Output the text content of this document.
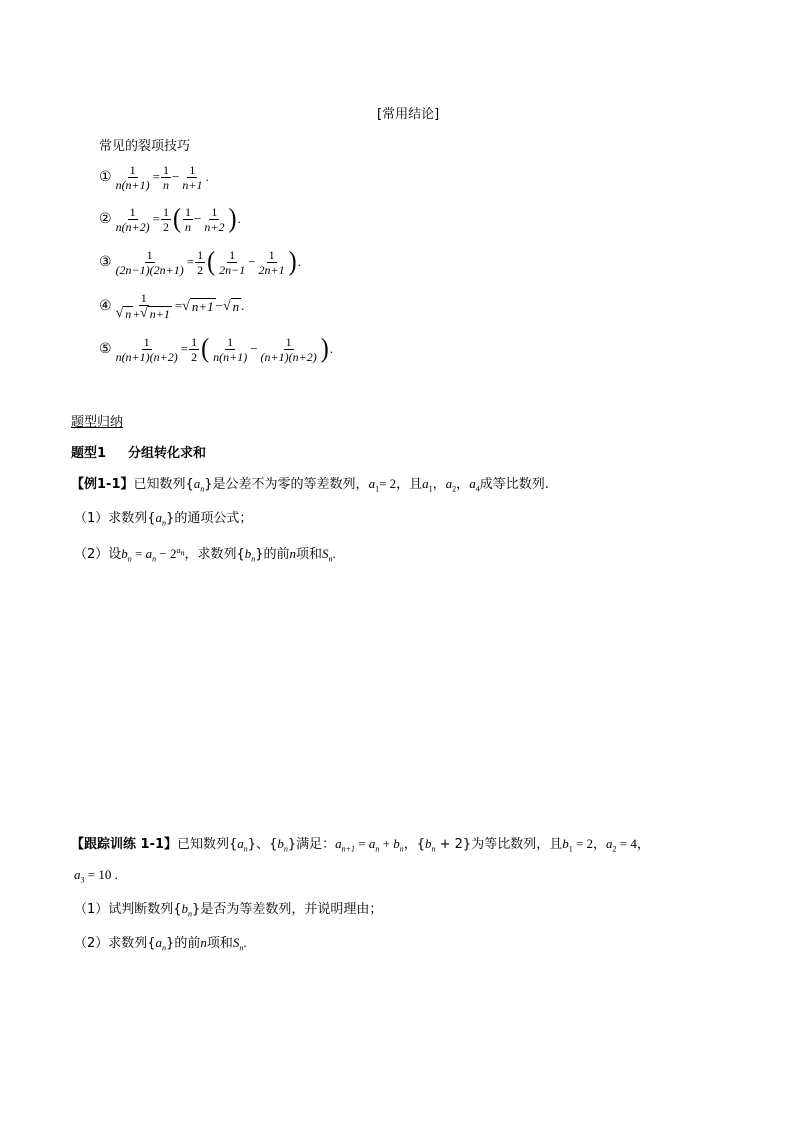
[常用结论]
常见的裂项技巧
① $\frac{1}{n(n+1)} = \frac{1}{n} - \frac{1}{n+1}$ .
② $\frac{1}{n(n+2)} = \frac{1}{2}$ ( $\frac{1}{n} - \frac{1}{n+2}$ ) .
③ $\frac{1}{(2n-1)(2n+1)} = \frac{1}{2}$ ( $\frac{1}{2n-1} - \frac{1}{2n+1}$ ) .
④ $\frac{1}{√ n + √ n+1}$ = √ n+1 − √ n .
⑤ $\frac{1}{n(n+1)(n+2)} = \frac{1}{2}$ ( $\frac{1}{n(n+1)} - \frac{1}{(n+1)(n+2)}$ ) .
题型归纳
题型1 分组转化求和
【例1-1】已知数列$\{a_n\}$是公差不为零的等差数列，$a_1= 2$，且$a_1$，$a_2$，$a_4$成等比数列.
（1）求数列$\{a_n\}$的通项公式；
（2）设$b_n = a_n - 2^{a_n}$，求数列$\{b_n\}$的前n项和$S_n$.
【跟踪训练 1-1】已知数列$\{a_n\}$、$\{b_n\}$满足：$a_{n+1} = a_n + b_n$，$\{b_n + 2\}$为等比数列，且$b_1 = 2$，$a_2 = 4$，
$a_3 = 10$ .
（1）试判断数列$\{b_n\}$是否为等差数列，并说明理由；
（2）求数列$\{a_n\}$的前n项和$S_n$.
